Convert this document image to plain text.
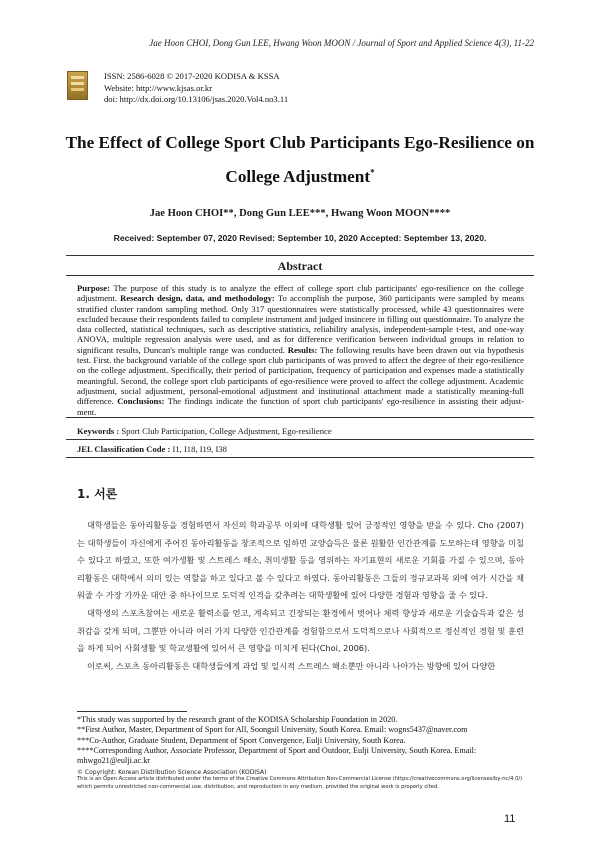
Jae Hoon CHOI, Dong Gun LEE, Hwang Woon MOON / Journal of Sport and Applied Science 4(3), 11-22
ISSN: 2586-6028 © 2017-2020 KODISA & KSSA
Website: http://www.kjsas.or.kr
doi: http://dx.doi.org/10.13106/jsas.2020.Vol4.no3.11
The Effect of College Sport Club Participants Ego-Resilience on
College Adjustment*
Jae Hoon CHOI**, Dong Gun LEE***, Hwang Woon MOON****
Received: September 07, 2020 Revised: September 10, 2020 Accepted: September 13, 2020.
Abstract
Purpose: The purpose of this study is to analyze the effect of college sport club participants' ego-resilience on the college adjustment. Research design, data, and methodology: To accomplish the purpose, 360 participants were sampled by means stratified cluster random sampling method. Only 317 questionnaires were statistically processed, while 43 questionnaires were excluded because their respondents failed to complete instrument and judged insincere in filling out questionnaire. To analyze the data collected, statistical techniques, such as descriptive statistics, reliability analysis, independent-sample t-test, and one-way ANOVA, multiple regression analysis were used, and as for difference verification between individual groups in relation to significant results, Duncan's multiple range was conducted. Results: The following results have been drawn out via hypothesis test. First. the background variable of the college sport club participants of was proved to affect the degree of their ego-resilience on the college adjustment. Specifically, their period of participation, frequency of participation and expenses made a statistically meaningful. Second, the college sport club participants of ego-resilience were proved to affect the college adjustment. Academic adjustment, social adjustment, personal-emotional adjustment and institutional attachment made a statistically meaning-full difference. Conclusions: The findings indicate the function of sport club participants' ego-resilience in assisting their adjust-ment.
Keywords : Sport Club Participation, College Adjustment, Ego-resilience
JEL Classification Code : I1, I18, I19, I38
1. 서론

대학생들은 동아리활동을 경험하면서 자신의 학과공부 이외에 대학생활 있어 긍정적인 영향을 받을 수 있다. Cho (2007)는 대학생들이 자신에게 주어진 동아리활동을 창조적으로 임하면 교양습득은 물론 원활한 인간관계를 도모하는데 영향을 미칠 수 있다고 하였고, 또한 여가생활 및 스트레스 해소, 취미생활 등을 영위하는 자기표현의 새로운 기회를 가질 수 있으며, 동아리활동은 대학에서 의미 있는 역할을 하고 있다고 볼 수 있다고 하였다. 동아리활동은 그들의 정규교과목 외에 여가 시간을 채워줄 수 가장 가까운 대안 중 하나이므로 도덕적 인격을 갖추려는 대학생활에 있어 다양한 경험과 영향을 줄 수 있다.

대학생의 스포츠참여는 새로운 활력소를 얻고, 계속되고 긴장되는 환경에서 벗어나 체력 향상과 새로운 기술습득과 같은 성취감을 갖게 되며, 그뿐만 아니라 여러 가지 다양한 인간관계를 경험함으로서 도덕적으로나 사회적으로 정신적인 경험 및 훈련을 하게 되어 사회생활 및 학교생활에 있어서 큰 영향을 미치게 된다(Choi, 2006).

이로써, 스포츠 동아리활동은 대학생들에게 과업 및 일시적 스트레스 해소뿐만 아니라 나아가는 방향에 있어 다양한

*This study was supported by the research grant of the KODISA Scholarship Foundation in 2020.
**First Author, Master, Department of Sport for All, Soongsil University, South Korea. Email: wogns5437@naver.com
***Co-Author, Graduate Student, Department of Sport Convergence, Eulji University, South Korea.
****Corresponding Author, Associate Professor, Department of Sport and Outdoor, Eulji University, South Korea. Email: mhwgo21@eulji.ac.kr
© Copyright: Korean Distribution Science Association (KODISA)
This is an Open Access article distributed under the terms of the Creative Commons Attribution Non-Commercial License (https://creativecommons.org/licenses/by-nc/4.0/) which permits unrestricted non-commercial use, distribution, and reproduction in any medium, provided the original work is properly cited.
11
